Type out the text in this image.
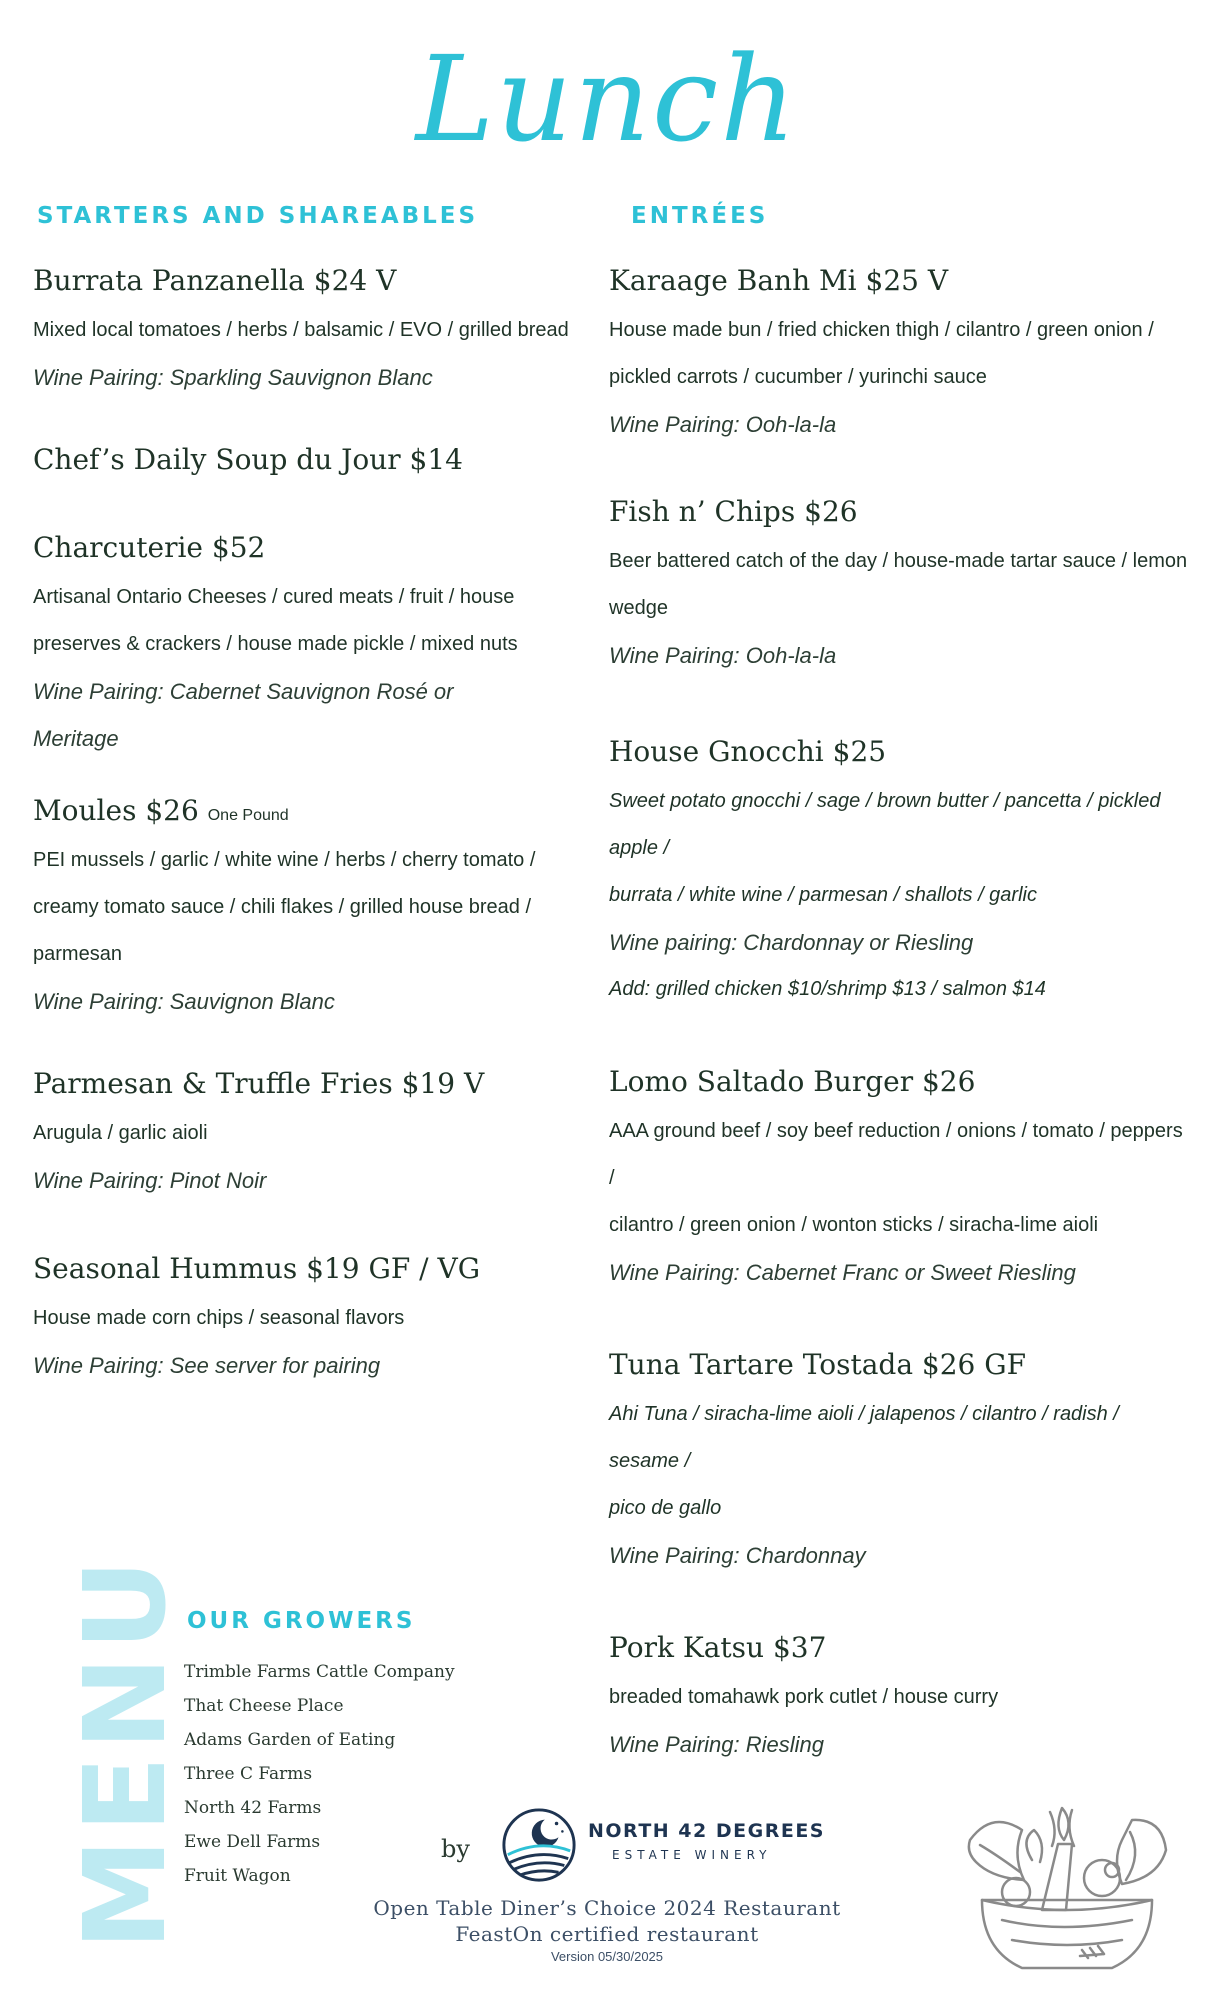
Lunch
STARTERS AND SHAREABLES	ENTRÉES
Burrata Panzanella $24 V
Mixed local tomatoes / herbs / balsamic / EVO / grilled bread
Wine Pairing: Sparkling Sauvignon Blanc
Chef’s Daily Soup du Jour $14
Charcuterie $52
Artisanal Ontario Cheeses / cured meats / fruit / house
preserves & crackers / house made pickle / mixed nuts
Wine Pairing: Cabernet Sauvignon Rosé or
Meritage
Moules $26 One Pound
PEI mussels / garlic / white wine / herbs / cherry tomato /
creamy tomato sauce / chili flakes / grilled house bread /
parmesan
Wine Pairing: Sauvignon Blanc
Parmesan & Truffle Fries $19 V
Arugula / garlic aioli
Wine Pairing: Pinot Noir
Seasonal Hummus $19 GF / VG
House made corn chips / seasonal flavors
Wine Pairing: See server for pairing
Karaage Banh Mi $25 V
House made bun / fried chicken thigh / cilantro / green onion /
pickled carrots / cucumber / yurinchi sauce
Wine Pairing: Ooh-la-la
Fish n’ Chips $26
Beer battered catch of the day / house-made tartar sauce / lemon
wedge
Wine Pairing: Ooh-la-la
House Gnocchi $25
Sweet potato gnocchi / sage / brown butter / pancetta / pickled apple /
burrata / white wine / parmesan / shallots / garlic
Wine pairing: Chardonnay or Riesling
Add: grilled chicken $10/shrimp $13 / salmon $14
Lomo Saltado Burger $26
AAA ground beef / soy beef reduction / onions / tomato / peppers /
cilantro / green onion / wonton sticks / siracha-lime aioli
Wine Pairing: Cabernet Franc or Sweet Riesling
Tuna Tartare Tostada $26 GF
Ahi Tuna / siracha-lime aioli / jalapenos / cilantro / radish / sesame /
pico de gallo
Wine Pairing: Chardonnay
Pork Katsu $37
breaded tomahawk pork cutlet / house curry
Wine Pairing: Riesling
MENU
OUR GROWERS
Trimble Farms Cattle Company
That Cheese Place
Adams Garden of Eating
Three C Farms
North 42 Farms
Ewe Dell Farms
Fruit Wagon
by
NORTH 42 DEGREES
ESTATE WINERY
Open Table Diner’s Choice 2024 Restaurant
FeastOn certified restaurant
Version 05/30/2025
